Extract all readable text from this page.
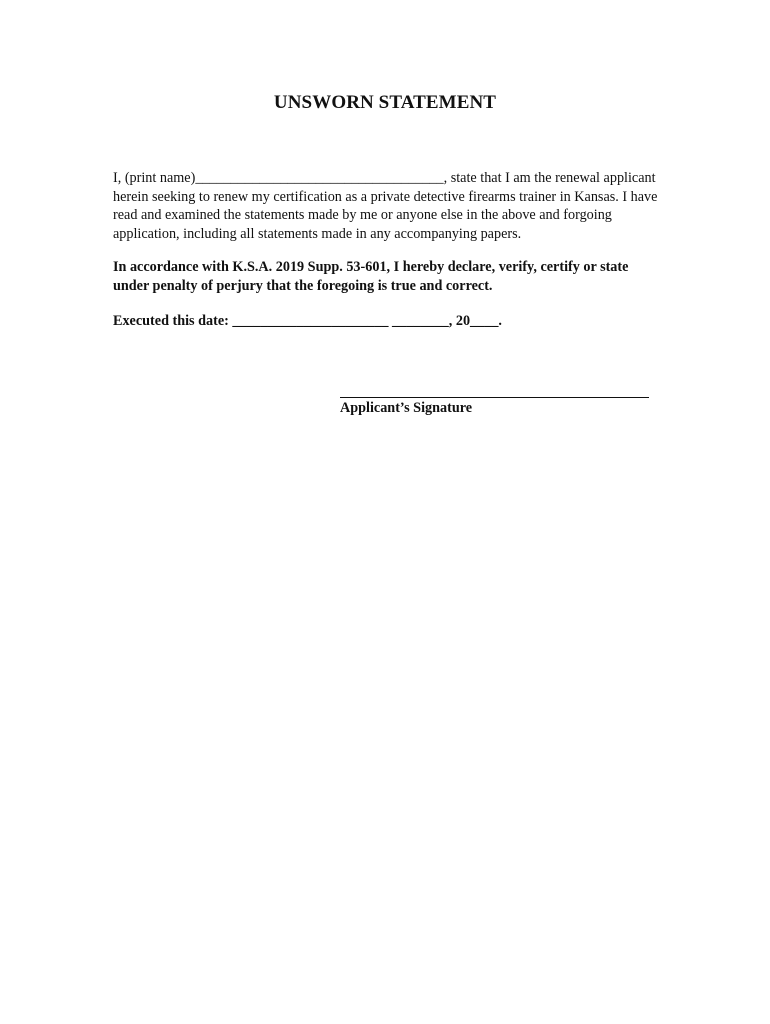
UNSWORN STATEMENT
I, (print name)___________________________________, state that I am the renewal applicant herein seeking to renew my certification as a private detective firearms trainer in Kansas. I have read and examined the statements made by me or anyone else in the above and forgoing application, including all statements made in any accompanying papers.
In accordance with K.S.A. 2019 Supp. 53-601, I hereby declare, verify, certify or state under penalty of perjury that the foregoing is true and correct.
Executed this date: ______________________ ________, 20____.
Applicant’s Signature
